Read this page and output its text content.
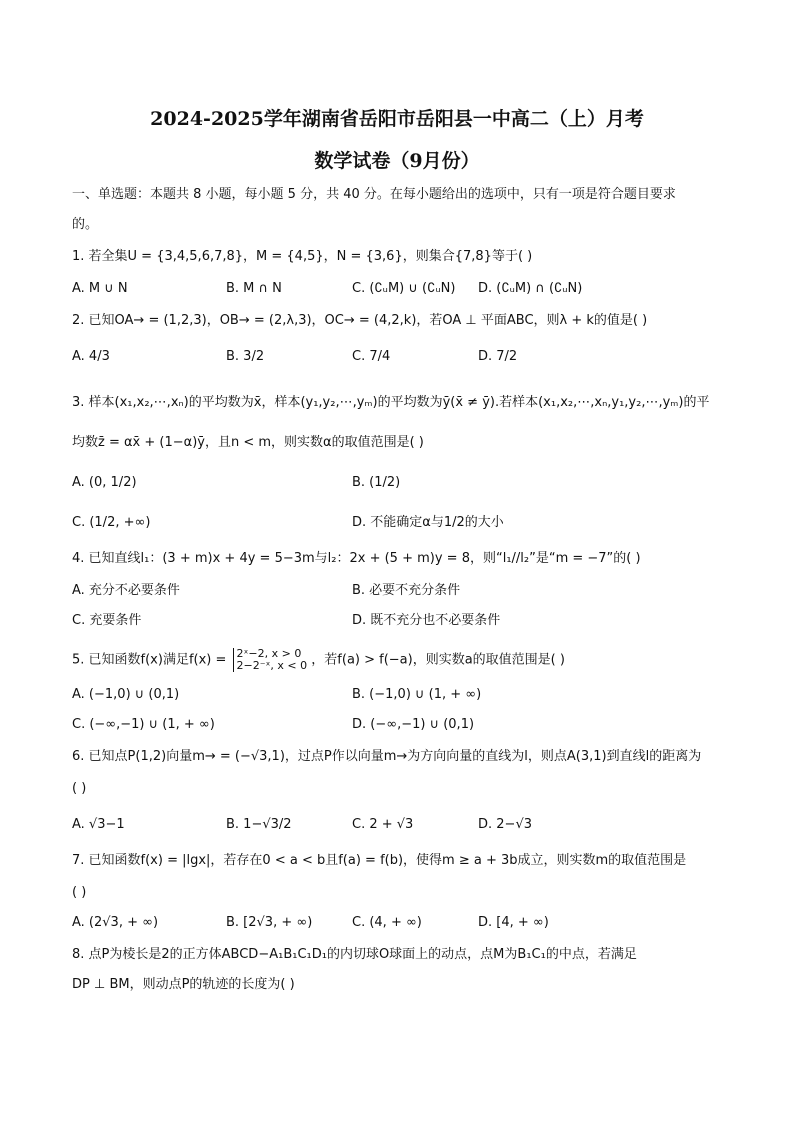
2024-2025学年湖南省岳阳市岳阳县一中高二（上）月考
数学试卷（9月份）
一、单选题：本题共 8 小题，每小题 5 分，共 40 分。在每小题给出的选项中，只有一项是符合题目要求
的。
1. 若全集U = {3,4,5,6,7,8}，M = {4,5}，N = {3,6}，则集合{7,8}等于( )
A. M ∪ N	B. M ∩ N	C. (∁ᵤM) ∪ (∁ᵤN) D. (∁ᵤM) ∩ (∁ᵤN)
2. 已知OA→ = (1,2,3)，OB→ = (2,λ,3)，OC→ = (4,2,k)，若OA ⊥ 平面ABC，则λ + k的值是( )
A. 4/3	B. 3/2	C. 7/4	D. 7/2
3. 样本(x₁,x₂,⋯,xₙ)的平均数为x̄，样本(y₁,y₂,⋯,yₘ)的平均数为ȳ(x̄ ≠ ȳ).若样本(x₁,x₂,⋯,xₙ,y₁,y₂,⋯,yₘ)的平
均数z̄ = αx̄ + (1−α)ȳ，且n < m，则实数α的取值范围是( )
A. (0, 1/2)	B. (1/2)
C. (1/2, +∞)	D. 不能确定α与1/2的大小
4. 已知直线l₁：(3 + m)x + 4y = 5−3m与l₂：2x + (5 + m)y = 8，则“l₁//l₂”是“m = −7”的( )
A. 充分不必要条件	B. 必要不充分条件
C. 充要条件	D. 既不充分也不必要条件
5. 已知函数f(x)满足f(x) = 2ˣ−2, x > 0
2−2⁻ˣ, x < 0 ，若f(a) > f(−a)，则实数a的取值范围是( )
A. (−1,0) ∪ (0,1)	B. (−1,0) ∪ (1, + ∞)
C. (−∞,−1) ∪ (1, + ∞)	D. (−∞,−1) ∪ (0,1)
6. 已知点P(1,2)向量m→ = (−√3,1)，过点P作以向量m→为方向向量的直线为l，则点A(3,1)到直线l的距离为
( )
A. √3−1	B. 1−√3/2	C. 2 + √3	D. 2−√3
7. 已知函数f(x) = |lgx|，若存在0 < a < b且f(a) = f(b)，使得m ≥ a + 3b成立，则实数m的取值范围是
( )
A. (2√3, + ∞)	B. [2√3, + ∞)	C. (4, + ∞)	D. [4, + ∞)
8. 点P为棱长是2的正方体ABCD−A₁B₁C₁D₁的内切球O球面上的动点，点M为B₁C₁的中点，若满足
DP ⊥ BM，则动点P的轨迹的长度为( )
